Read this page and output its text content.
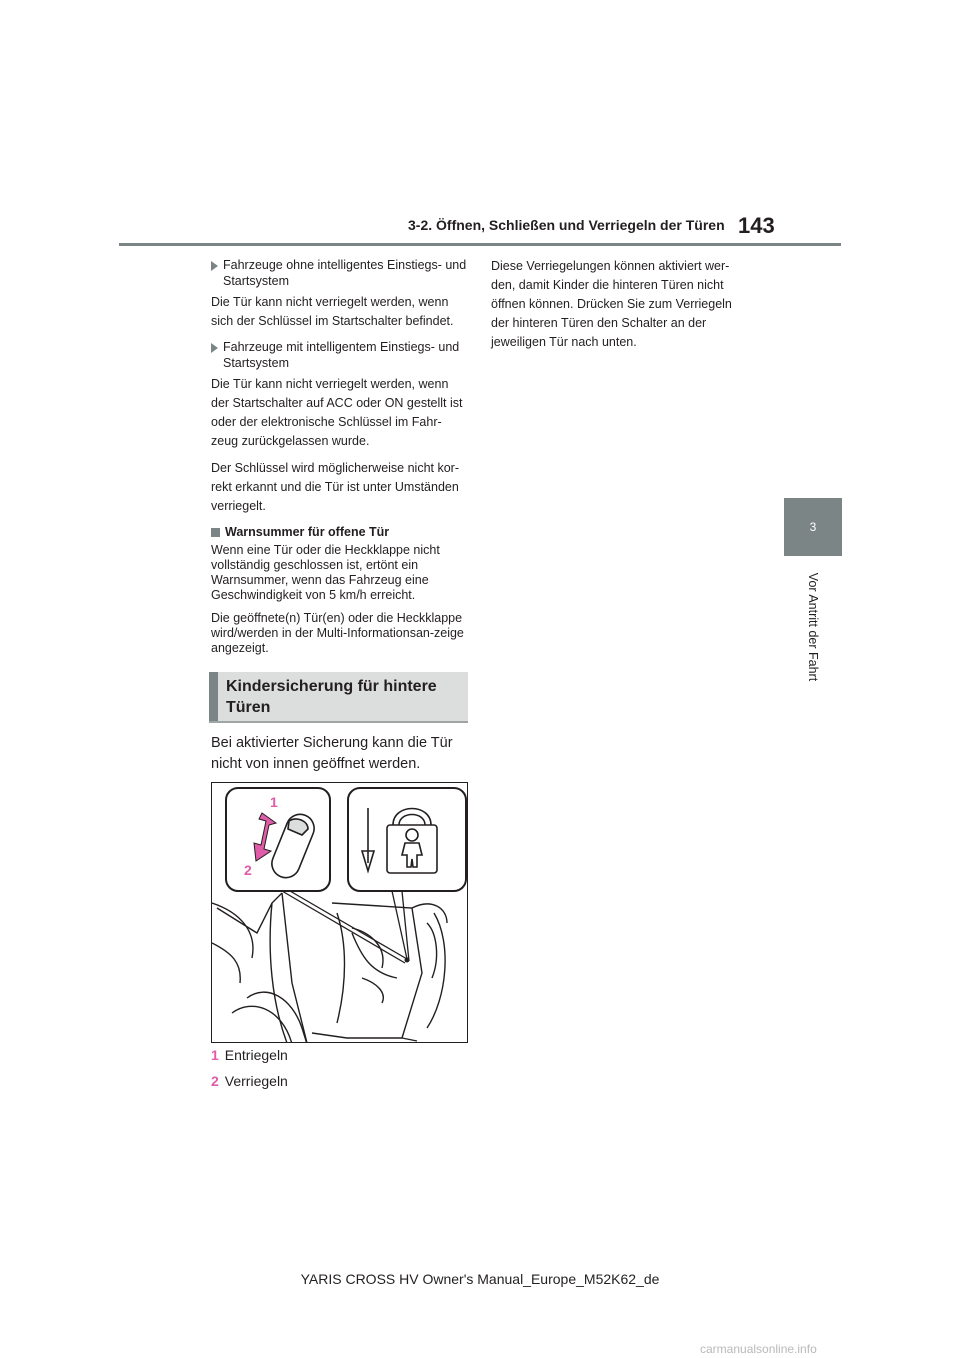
3-2. Öffnen, Schließen und Verriegeln der Türen 143
3
Vor Antritt der Fahrt
Fahrzeuge ohne intelligentes Einstiegs- und Startsystem

Die Tür kann nicht verriegelt werden, wenn
sich der Schlüssel im Startschalter befindet.

Fahrzeuge mit intelligentem Einstiegs- und Startsystem

Die Tür kann nicht verriegelt werden, wenn
der Startschalter auf ACC oder ON gestellt ist
oder der elektronische Schlüssel im Fahr-
zeug zurückgelassen wurde.

Der Schlüssel wird möglicherweise nicht kor-
rekt erkannt und die Tür ist unter Umständen
verriegelt.

Warnsummer für offene Tür

Wenn eine Tür oder die Heckklappe nicht vollständig geschlossen ist, ertönt ein Warnsummer, wenn das Fahrzeug eine Geschwindigkeit von 5 km/h erreicht.

Die geöffnete(n) Tür(en) oder die Heckklappe wird/werden in der Multi-Informationsan-zeige angezeigt.

Kindersicherung für hintere Türen
Bei aktivierter Sicherung kann die Tür nicht von innen geöffnet werden.
1
2
1 Entriegeln
2 Verriegeln

Diese Verriegelungen können aktiviert wer-
den, damit Kinder die hinteren Türen nicht
öffnen können. Drücken Sie zum Verriegeln
der hinteren Türen den Schalter an der
jeweiligen Tür nach unten.

YARIS CROSS HV Owner's Manual_Europe_M52K62_de
carmanualsonline.info
